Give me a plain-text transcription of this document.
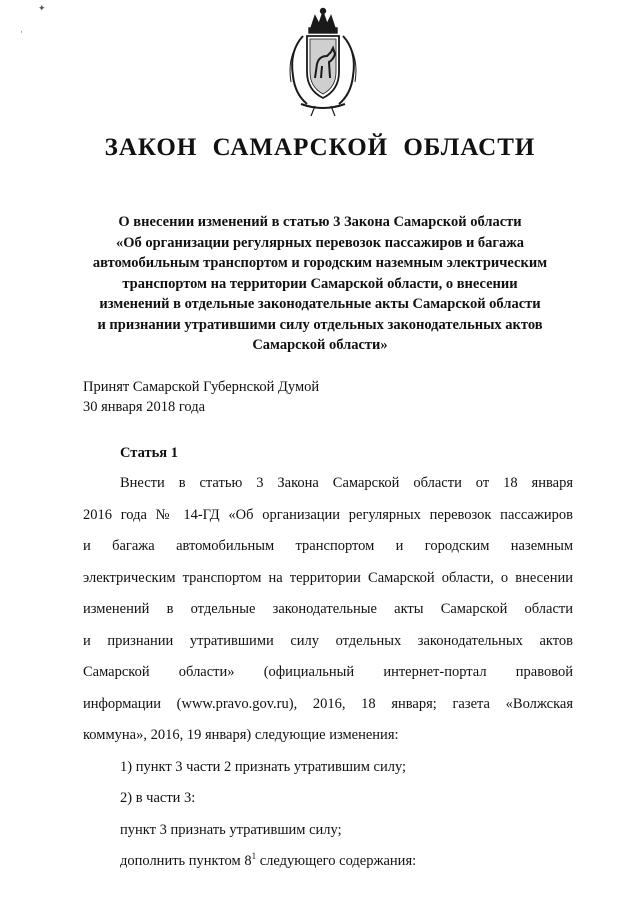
✦
·
ЗАКОН САМАРСКОЙ ОБЛАСТИ
О внесении изменений в статью 3 Закона Самарской области
«Об организации регулярных перевозок пассажиров и багажа
автомобильным транспортом и городским наземным электрическим
транспортом на территории Самарской области, о внесении
изменений в отдельные законодательные акты Самарской области
и признании утратившими силу отдельных законодательных актов
Самарской области»
Принят Самарской Губернской Думой
30 января 2018 года
Статья 1
Внести в статью 3 Закона Самарской области от 18 января
2016 года № 14-ГД «Об организации регулярных перевозок пассажиров
и багажа автомобильным транспортом и городским наземным
электрическим транспортом на территории Самарской области, о внесении
изменений в отдельные законодательные акты Самарской области
и признании утратившими силу отдельных законодательных актов
Самарской области» (официальный интернет-портал правовой
информации (www.pravo.gov.ru), 2016, 18 января; газета «Волжская
коммуна», 2016, 19 января) следующие изменения:
1) пункт 3 части 2 признать утратившим силу;
2) в части 3:
пункт 3 признать утратившим силу;
дополнить пунктом $8^1$ следующего содержания:
